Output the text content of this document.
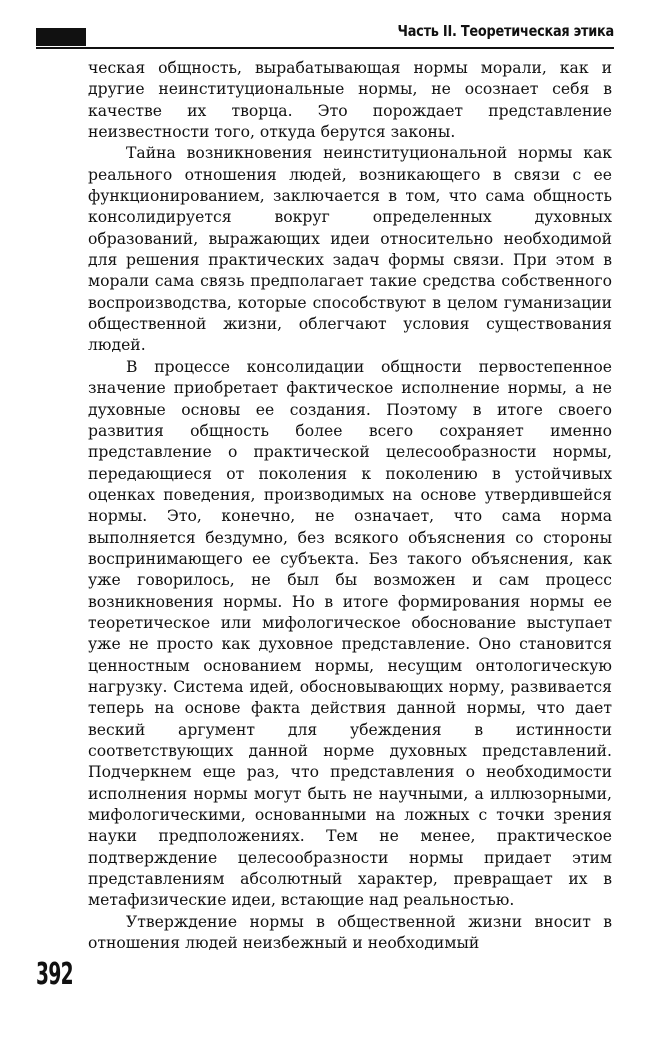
Часть II. Теоретическая этика

ческая общность, вырабатывающая нормы морали, как и другие неинституциональные нормы, не осознает себя в качестве их творца. Это порождает представление неизвестности того, откуда берутся законы.

Тайна возникновения неинституциональной нормы как реального отношения людей, возникающего в связи с ее функционированием, заключается в том, что сама общность консолидируется вокруг определенных духовных образований, выражающих идеи относительно необходимой для решения практических задач формы связи. При этом в морали сама связь предполагает такие средства собственного воспроизводства, которые способствуют в целом гуманизации общественной жизни, облегчают условия существования людей.

В процессе консолидации общности первостепенное значение приобретает фактическое исполнение нормы, а не духовные основы ее создания. Поэтому в итоге своего развития общность более всего сохраняет именно представление о практической целесообразности нормы, передающиеся от поколения к поколению в устойчивых оценках поведения, производимых на основе утвердившейся нормы. Это, конечно, не означает, что сама норма выполняется бездумно, без всякого объяснения со стороны воспринимающего ее субъекта. Без такого объяснения, как уже говорилось, не был бы возможен и сам процесс возникновения нормы. Но в итоге формирования нормы ее теоретическое или мифологическое обоснование выступает уже не просто как духовное представление. Оно становится ценностным основанием нормы, несущим онтологическую нагрузку. Система идей, обосновывающих норму, развивается теперь на основе факта действия данной нормы, что дает веский аргумент для убеждения в истинности соответствующих данной норме духовных представлений. Подчеркнем еще раз, что представления о необходимости исполнения нормы могут быть не научными, а иллюзорными, мифологическими, основанными на ложных с точки зрения науки предположениях. Тем не менее, практическое подтверждение целесообразности нормы придает этим представлениям абсолютный характер, превращает их в метафизические идеи, встающие над реальностью.

Утверждение нормы в общественной жизни вносит в отношения людей неизбежный и необходимый

392
